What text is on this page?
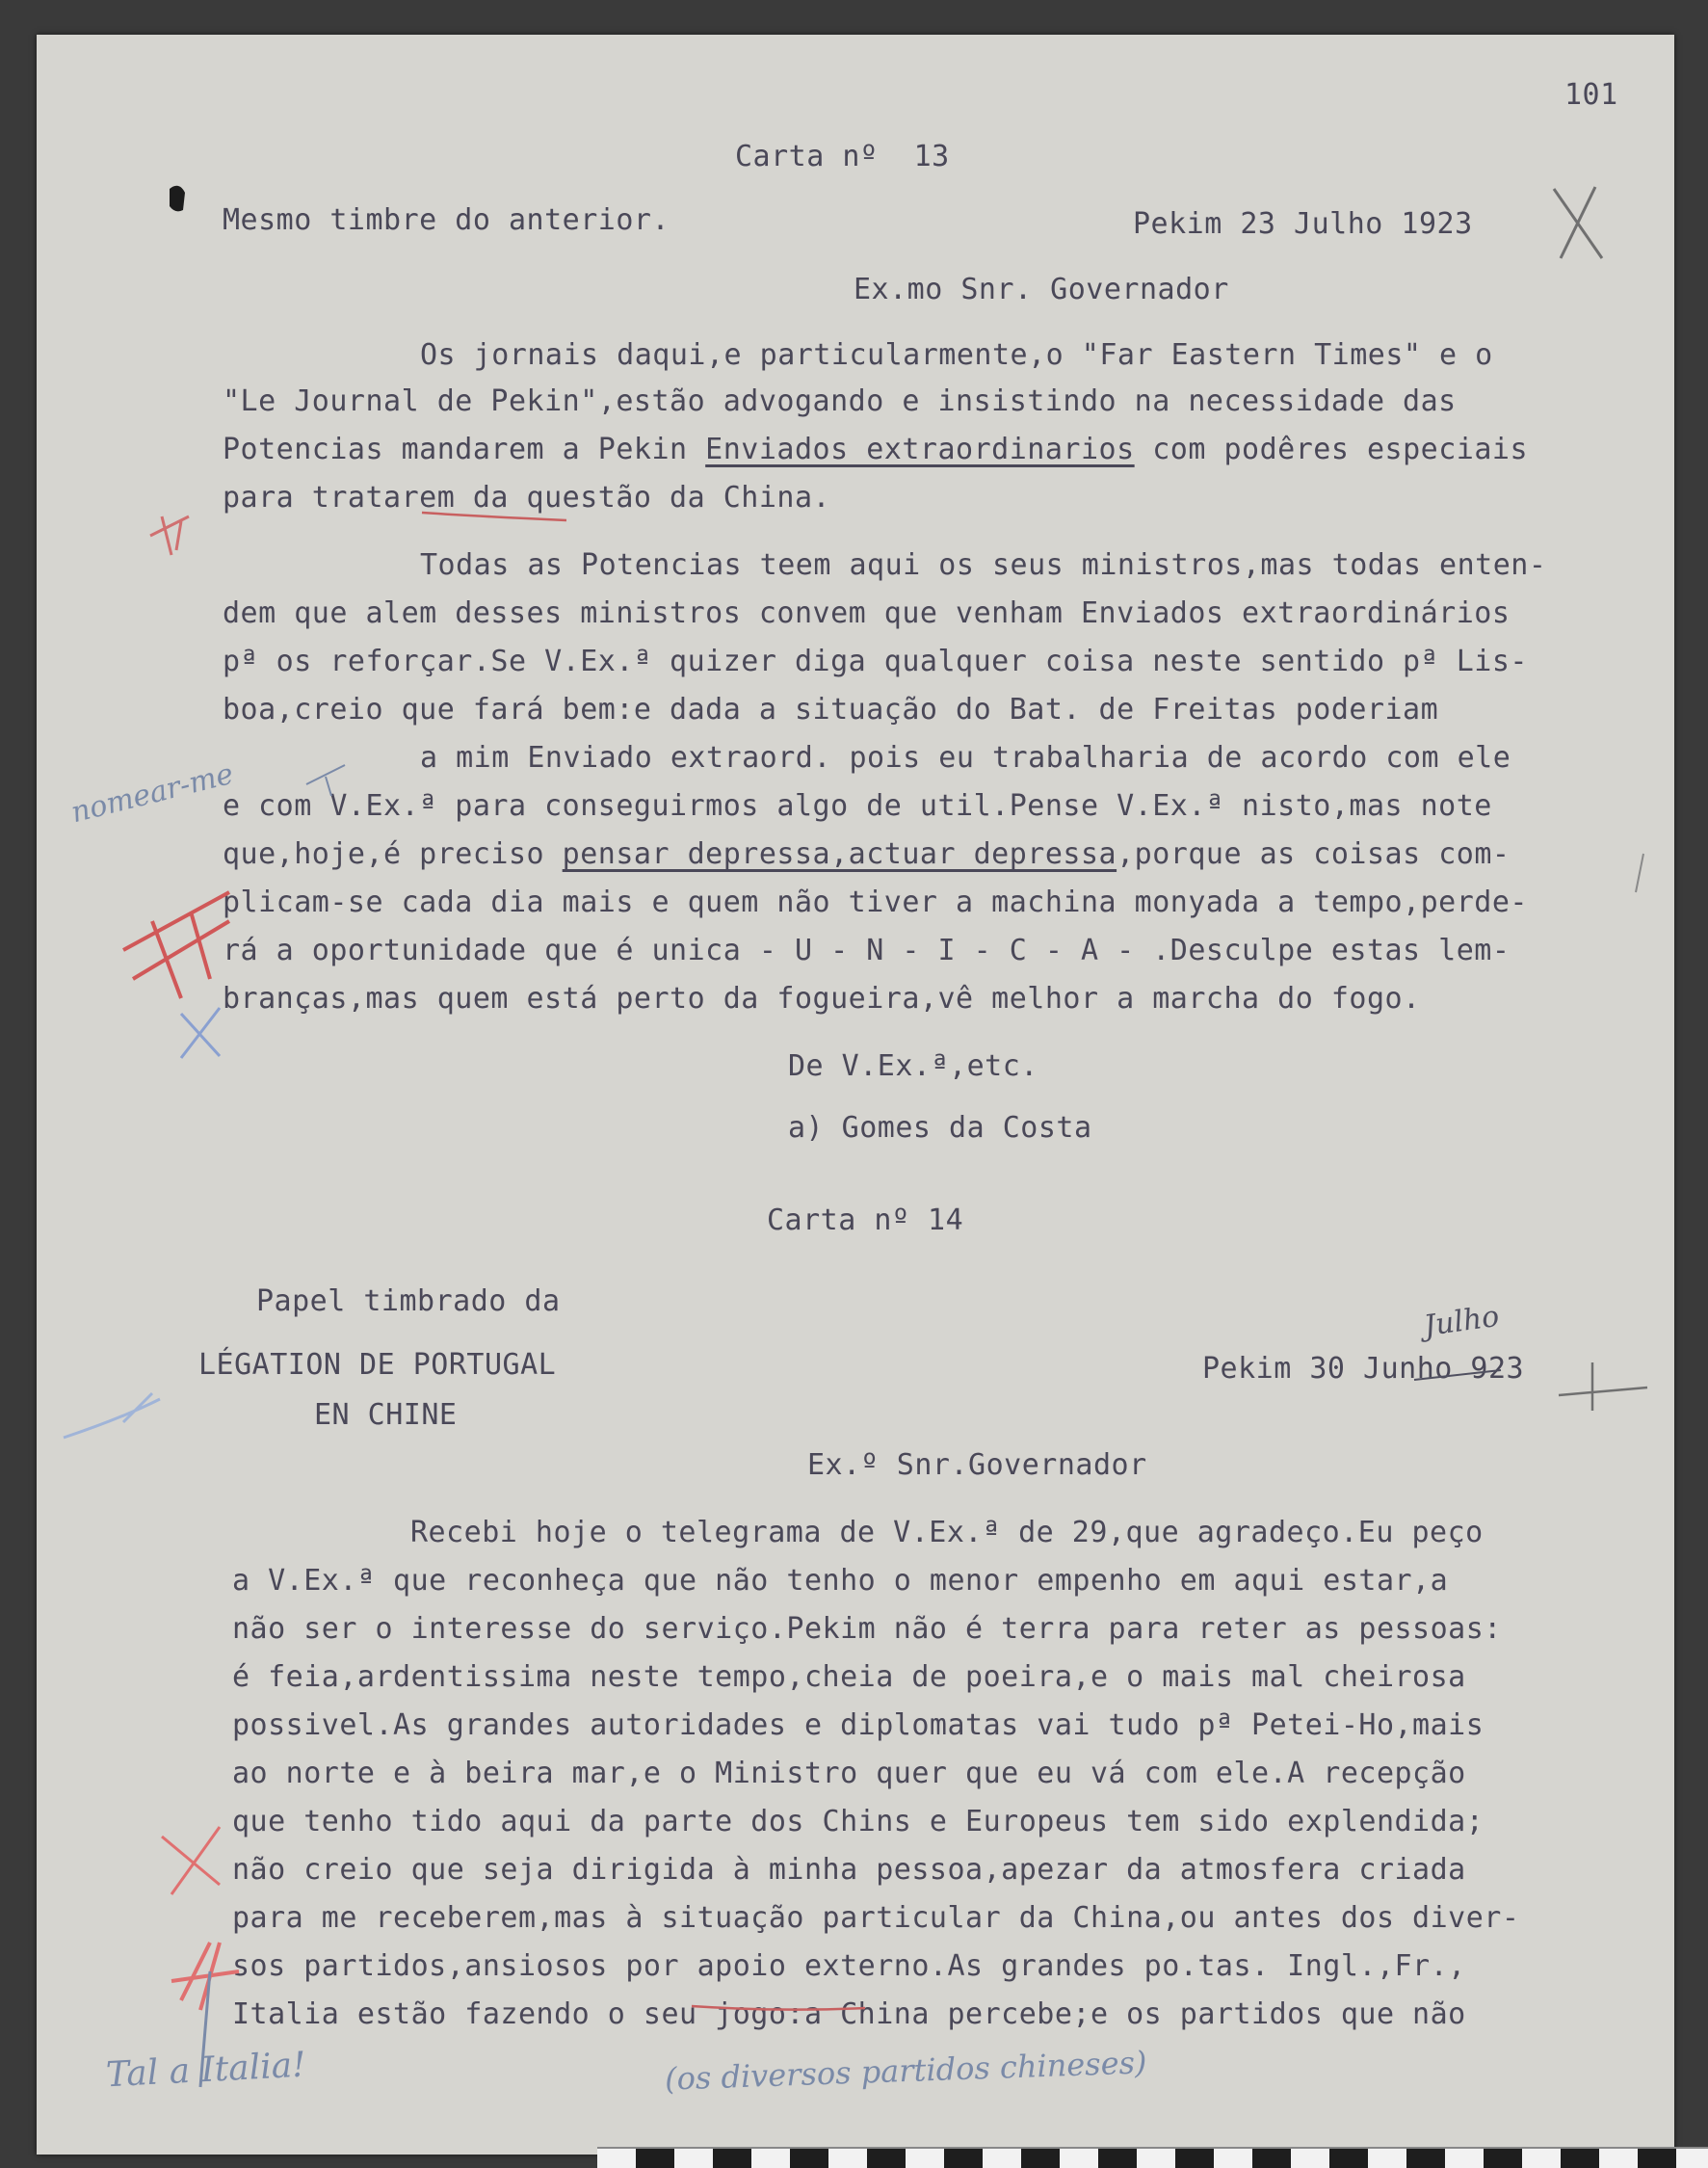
101
Carta nº  13
Mesmo timbre do anterior.	Pekim 23 Julho 1923
Ex.mo Snr. Governador
Os jornais daqui,e particularmente,o "Far Eastern Times" e o
"Le Journal de Pekin",estão advogando e insistindo na necessidade das
Potencias mandarem a Pekin Enviados extraordinarios com podêres especiais
para tratarem da questão da China.
Todas as Potencias teem aqui os seus ministros,mas todas enten-
dem que alem desses ministros convem que venham Enviados extraordinários
pª os reforçar.Se V.Ex.ª quizer diga qualquer coisa neste sentido pª Lis-
boa,creio que fará bem:e dada a situação do Bat. de Freitas poderiam
a mim Enviado extraord. pois eu trabalharia de acordo com ele
e com V.Ex.ª para conseguirmos algo de util.Pense V.Ex.ª nisto,mas note
que,hoje,é preciso pensar depressa,actuar depressa,porque as coisas com-
plicam-se cada dia mais e quem não tiver a machina monyada a tempo,perde-
rá a oportunidade que é unica - U - N - I - C - A - .Desculpe estas lem-
branças,mas quem está perto da fogueira,vê melhor a marcha do fogo.
De V.Ex.ª,etc.
a) Gomes da Costa
Carta nº 14
Papel timbrado da
LÉGATION DE PORTUGAL
EN CHINE
Pekim 30 Junho 923
Ex.º Snr.Governador
Recebi hoje o telegrama de V.Ex.ª de 29,que agradeço.Eu peço
a V.Ex.ª que reconheça que não tenho o menor empenho em aqui estar,a
não ser o interesse do serviço.Pekim não é terra para reter as pessoas:
é feia,ardentissima neste tempo,cheia de poeira,e o mais mal cheirosa
possivel.As grandes autoridades e diplomatas vai tudo pª Petei-Ho,mais
ao norte e à beira mar,e o Ministro quer que eu vá com ele.A recepção
que tenho tido aqui da parte dos Chins e Europeus tem sido explendida;
não creio que seja dirigida à minha pessoa,apezar da atmosfera criada
para me receberem,mas à situação particular da China,ou antes dos diver-
sos partidos,ansiosos por apoio externo.As grandes po.tas. Ingl.,Fr.,
Italia estão fazendo o seu jogo:a China percebe;e os partidos que não
nomear-me
Julho
Tal a Italia!	(os diversos partidos chineses)
